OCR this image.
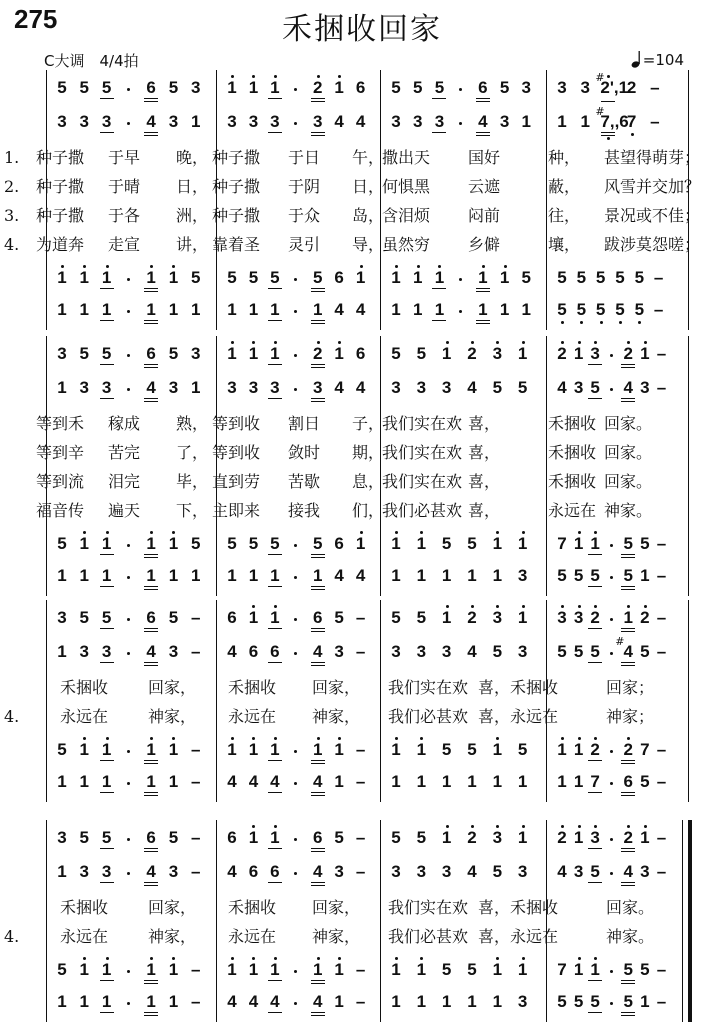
275	禾捆收回家
C大调　4/4拍	=104
5 5 5 6 5 3 1 1 1 2 1 6 5 5 5 6 5 3 3 3 2',1
#
2 –
3 3 3 4 3 1 3 3 3 3 4 4 3 3 3 4 3 1 1 1 7,,6
#
7 –
1. 种子撒 于早 晚， 种子撒 于日 午，
撒出天 国好	种， 甚望得萌芽；
2. 种子撒 于晴 日， 种子撒 于阴 日，
何惧黑 云遮	蔽， 风雪并交加？
3. 种子撒 于各 洲， 种子撒 于众 岛，
含泪烦 闷前	往， 景况或不佳；
4. 为道奔 走宣 讲， 靠着圣 灵引 导，
虽然穷 乡僻	壤， 跋涉莫怨嗟；
1 1 1 1 1 5 5 5 5 5 6 1 1 1 1 1 1 5 5 5 5 5 5 –
1 1 1 1 1 1 1 1 1 1 4 4 1 1 1 1 1 1 5 5 5 5 5 –
3 5 5 6 5 3 1 1 1 2 1 6 5 5 1 2 3 1 2 1 3 2 1 –
1 3 3 4 3 1 3 3 3 3 4 4 3 3 3 4 5 5 4 3 5 4 3 –
等到禾 稼成 熟， 等到收 割日 子，
我们实在欢 喜，	禾捆收 回家。
等到辛 苦完 了， 等到收 敛时 期，
我们实在欢 喜，	禾捆收 回家。
等到流 泪完 毕， 直到劳 苦歇 息，
我们实在欢 喜，	禾捆收 回家。
福音传 遍天 下， 主即来 接我 们，
我们必甚欢 喜，	永远在 神家。
5 1 1 1 1 5 5 5 5 5 6 1 1 1 5 5 1 1 7 1 1 5 5 –
1 1 1 1 1 1 1 1 1 1 4 4 1 1 1 1 1 3 5 5 5 5 1 –
3 5 5 6 5 – 6 1 1 6 5 – 5 5 1 2 3 1 3 3 2 1 2 –
1 3 3 4 3 – 4 6 6 4 3 – 3 3 3 4 5 3 5 5 5 4
#
5 –
禾捆收 回家， 禾捆收 回家， 我们实在欢 喜，禾捆收	回家；
4.	永远在 神家， 永远在 神家， 我们必甚欢 喜，永远在	神家；
5 1 1 1 1 – 1 1 1 1 1 – 1 1 5 5 1 5 1 1 2 2 7 –
1 1 1 1 1 – 4 4 4 4 1 – 1 1 1 1 1 1 1 1 7 6 5 –
3 5 5 6 5 – 6 1 1 6 5 – 5 5 1 2 3 1 2 1 3 2 1 –
1 3 3 4 3 – 4 6 6 4 3 – 3 3 3 4 5 3 4 3 5 4 3 –
禾捆收 回家， 禾捆收 回家， 我们实在欢 喜，禾捆收	回家。
4.	永远在 神家， 永远在 神家， 我们必甚欢 喜，永远在	神家。
5 1 1 1 1 – 1 1 1 1 1 – 1 1 5 5 1 1 7 1 1 5 5 –
1 1 1 1 1 – 4 4 4 4 1 – 1 1 1 1 1 3 5 5 5 5 1 –
